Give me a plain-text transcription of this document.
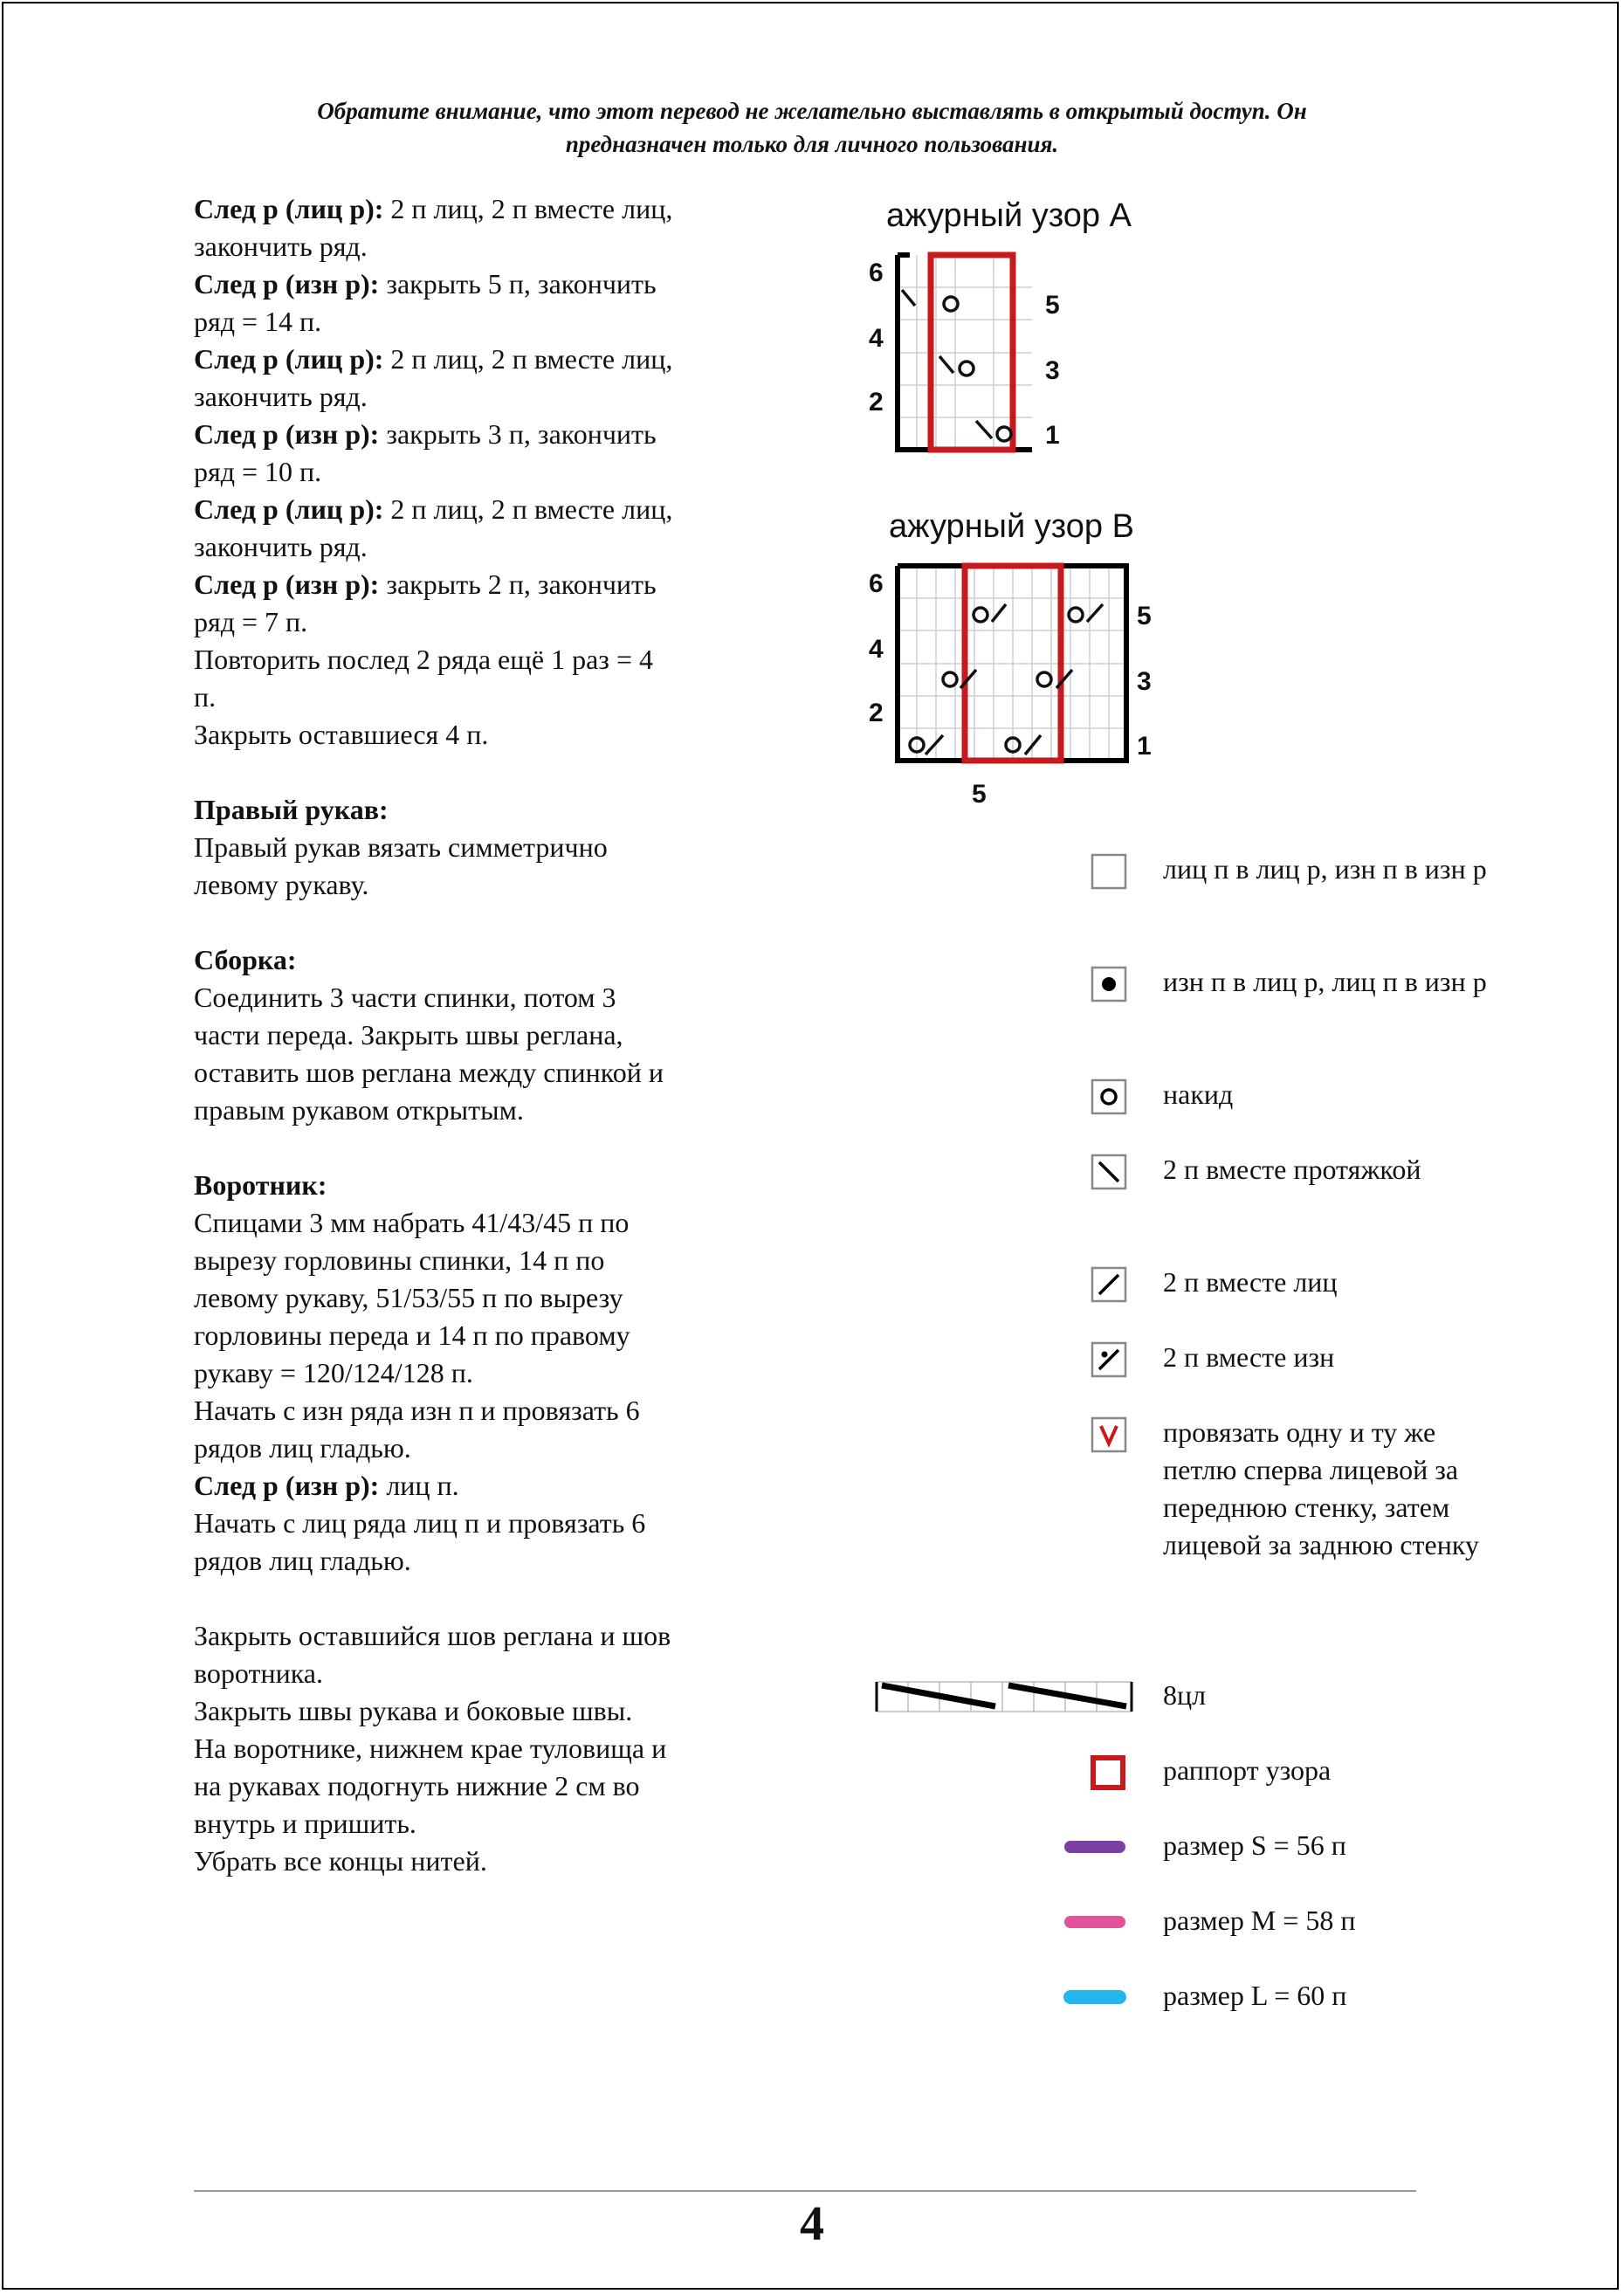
Обратите внимание, что этот перевод не желательно выставлять в открытый доступ. Он
предназначен только для личного пользования.

След р (лиц р): 2 п лиц, 2 п вместе лиц,

закончить ряд.

След р (изн р): закрыть 5 п, закончить

ряд = 14 п.

След р (лиц р): 2 п лиц, 2 п вместе лиц,

закончить ряд.

След р (изн р): закрыть 3 п, закончить

ряд = 10 п.

След р (лиц р): 2 п лиц, 2 п вместе лиц,

закончить ряд.

След р (изн р): закрыть 2 п, закончить

ряд = 7 п.

Повторить послед 2 ряда ещё 1 раз = 4

п.

Закрыть оставшиеся 4 п.

Правый рукав:

Правый рукав вязать симметрично

левому рукаву.

Сборка:

Соединить 3 части спинки, потом 3

части переда. Закрыть швы реглана,

оставить шов реглана между спинкой и

правым рукавом открытым.

Воротник:

Спицами 3 мм набрать 41/43/45 п по

вырезу горловины спинки, 14 п по

левому рукаву, 51/53/55 п по вырезу

горловины переда и 14 п по правому

рукаву = 120/124/128 п.

Начать с изн ряда изн п и провязать 6

рядов лиц гладью.

След р (изн р): лиц п.

Начать с лиц ряда лиц п и провязать 6

рядов лиц гладью.

Закрыть оставшийся шов реглана и шов

воротника.

Закрыть швы рукава и боковые швы.

На воротнике, нижнем крае туловища и

на рукавах подогнуть нижние 2 см во

внутрь и пришить.

Убрать все концы нитей.

ажурный узор A
6
4
2
5
3
1
ажурный узор B
6
4
2
5
3
1
5
лиц п в лиц р, изн п в изн р
изн п в лиц р, лиц п в изн р
накид
2 п вместе протяжкой
2 п вместе лиц
2 п вместе изн
провязать одну и ту же петлю сперва лицевой за переднюю стенку, затем лицевой за заднюю стенку
8цл
раппорт узора
размер S = 56 п
размер M = 58 п
размер L = 60 п
4
